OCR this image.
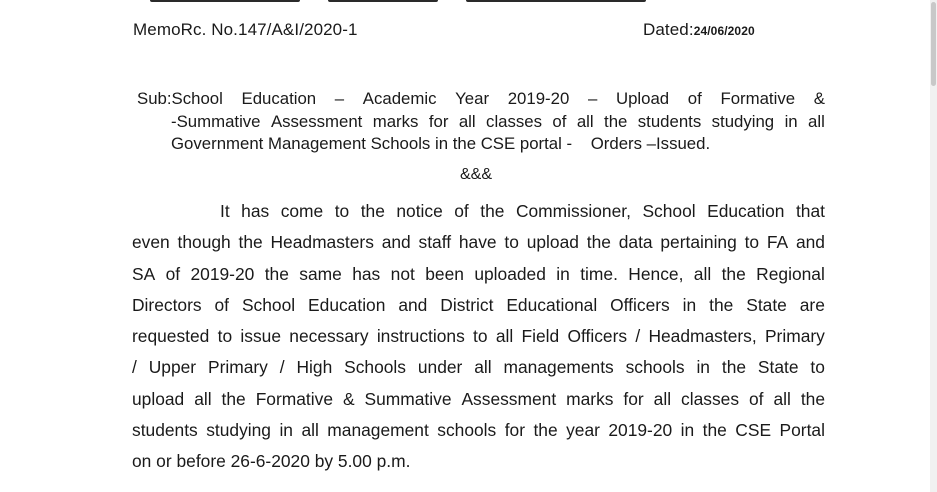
MemoRc. No.147/A&I/2020-1	Dated:24/06/2020
Sub:School Education – Academic Year 2019-20 – Upload of Formative &
-Summative Assessment marks for all classes of all the students studying in all
Government Management Schools in the CSE portal -    Orders –Issued.
&&&
It has come to the notice of the Commissioner, School Education that
even though the Headmasters and staff have to upload the data pertaining to FA and
SA of 2019-20 the same has not been uploaded in time. Hence, all the Regional
Directors of School Education and District Educational Officers in the State are
requested to issue necessary instructions to all Field Officers / Headmasters, Primary
/ Upper Primary / High Schools under all managements schools in the State to
upload all the Formative & Summative Assessment marks for all classes of all the
students studying in all management schools for the year 2019-20 in the CSE Portal
on or before 26-6-2020 by 5.00 p.m.
